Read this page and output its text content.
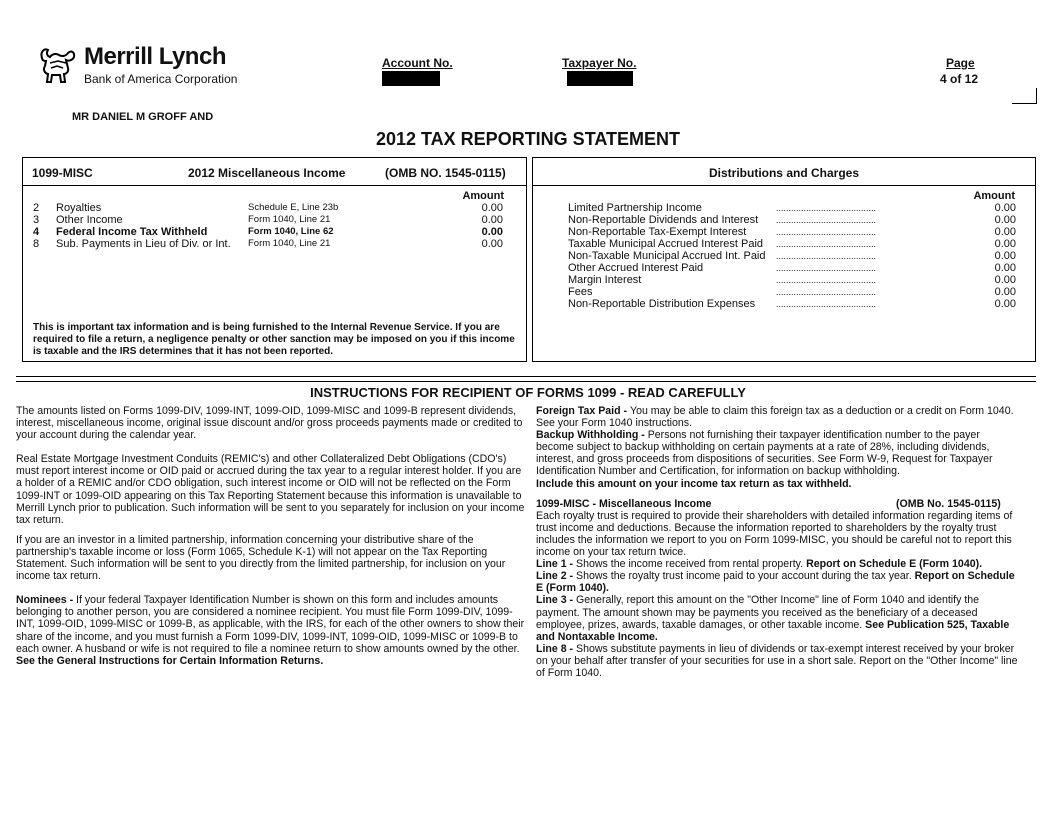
Merrill Lynch
Bank of America Corporation
Account No.	Taxpayer No.	Page
4 of 12
MR DANIEL M GROFF AND
2012 TAX REPORTING STATEMENT
1099-MISC	2012 Miscellaneous Income	(OMB NO. 1545-0115)
Amount
2 Royalties	Schedule E, Line 23b	0.00
3 Other Income	Form 1040, Line 21	0.00
4 Federal Income Tax Withheld	Form 1040, Line 62	0.00
8 Sub. Payments in Lieu of Div. or Int. Form 1040, Line 21	0.00
This is important tax information and is being furnished to the Internal Revenue Service. If you are required to file a return, a negligence penalty or other sanction may be imposed on you if this income is taxable and the IRS determines that it has not been reported.
Distributions and Charges
Amount
Limited Partnership Income	........................................	0.00
Non-Reportable Dividends and Interest ........................................	0.00
Non-Reportable Tax-Exempt Interest	........................................	0.00
Taxable Municipal Accrued Interest Paid ........................................	0.00
Non-Taxable Municipal Accrued Int. Paid ........................................	0.00
Other Accrued Interest Paid	........................................	0.00
Margin Interest	........................................	0.00
Fees	........................................	0.00
Non-Reportable Distribution Expenses ........................................	0.00
INSTRUCTIONS FOR RECIPIENT OF FORMS 1099 - READ CAREFULLY

The amounts listed on Forms 1099-DIV, 1099-INT, 1099-OID, 1099-MISC and 1099-B represent dividends, interest, miscellaneous income, original issue discount and/or gross proceeds payments made or credited to your account during the calendar year.

Real Estate Mortgage Investment Conduits (REMIC's) and other Collateralized Debt Obligations (CDO's) must report interest income or OID paid or accrued during the tax year to a regular interest holder. If you are a holder of a REMIC and/or CDO obligation, such interest income or OID will not be reflected on the Form 1099-INT or 1099-OID appearing on this Tax Reporting Statement because this information is unavailable to Merrill Lynch prior to publication. Such information will be sent to you separately for inclusion on your income tax return.

If you are an investor in a limited partnership, information concerning your distributive share of the partnership's taxable income or loss (Form 1065, Schedule K-1) will not appear on the Tax Reporting Statement. Such information will be sent to you directly from the limited partnership, for inclusion on your income tax return.

Nominees - If your federal Taxpayer Identification Number is shown on this form and includes amounts belonging to another person, you are considered a nominee recipient. You must file Form 1099-DIV, 1099-INT, 1099-OID, 1099-MISC or 1099-B, as applicable, with the IRS, for each of the other owners to show their share of the income, and you must furnish a Form 1099-DIV, 1099-INT, 1099-OID, 1099-MISC or 1099-B to each owner. A husband or wife is not required to file a nominee return to show amounts owned by the other. See the General Instructions for Certain Information Returns.

Foreign Tax Paid - You may be able to claim this foreign tax as a deduction or a credit on Form 1040. See your Form 1040 instructions.
Backup Withholding - Persons not furnishing their taxpayer identification number to the payer become subject to backup withholding on certain payments at a rate of 28%, including dividends, interest, and gross proceeds from dispositions of securities. See Form W-9, Request for Taxpayer Identification Number and Certification, for information on backup withholding.
Include this amount on your income tax return as tax withheld.
1099-MISC - Miscellaneous Income	(OMB No. 1545-0115)
Each royalty trust is required to provide their shareholders with detailed information regarding items of trust income and deductions. Because the information reported to shareholders by the royalty trust includes the information we report to you on Form 1099-MISC, you should be careful not to report this income on your tax return twice.
Line 1 - Shows the income received from rental property. Report on Schedule E (Form 1040).
Line 2 - Shows the royalty trust income paid to your account during the tax year. Report on Schedule E (Form 1040).
Line 3 - Generally, report this amount on the "Other Income" line of Form 1040 and identify the payment. The amount shown may be payments you received as the beneficiary of a deceased employee, prizes, awards, taxable damages, or other taxable income. See Publication 525, Taxable and Nontaxable Income.
Line 8 - Shows substitute payments in lieu of dividends or tax-exempt interest received by your broker on your behalf after transfer of your securities for use in a short sale. Report on the "Other Income" line of Form 1040.
